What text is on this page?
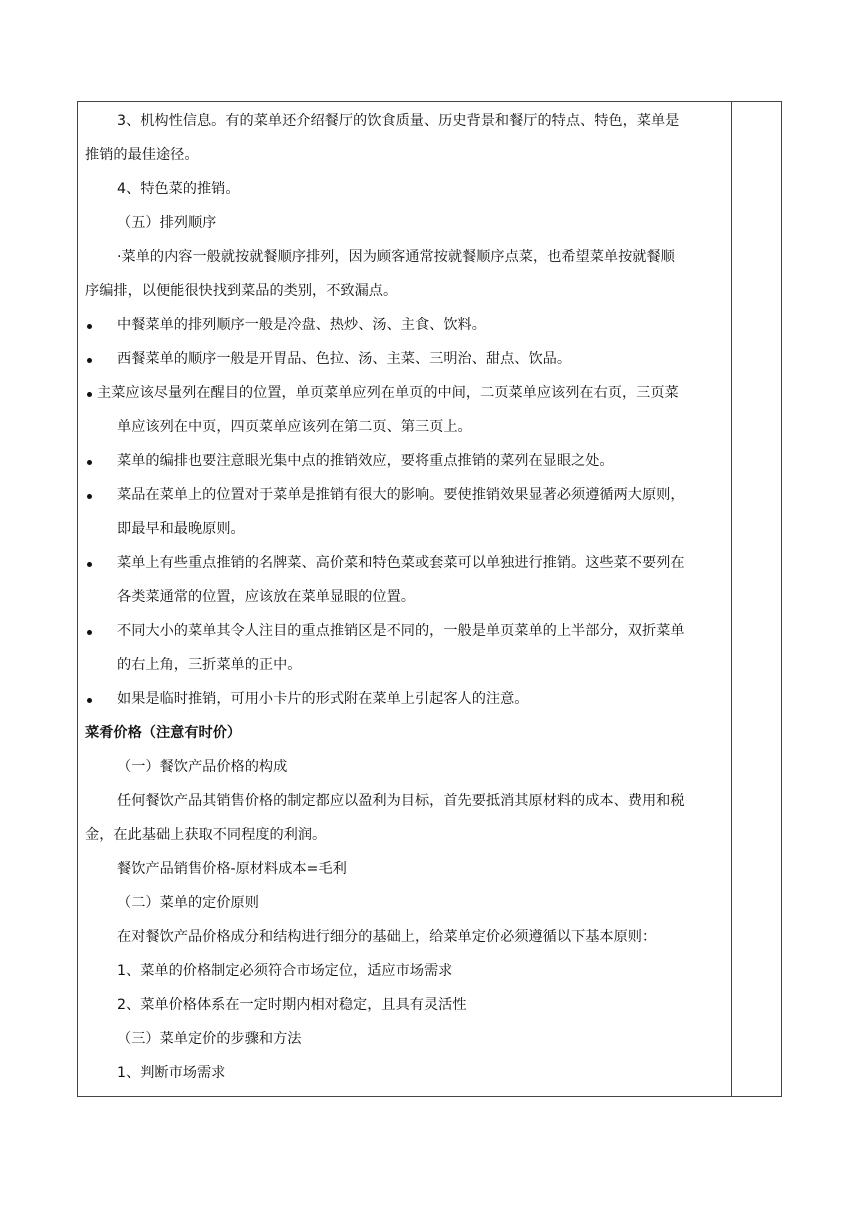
3、机构性信息。有的菜单还介绍餐厅的饮食质量、历史背景和餐厅的特点、特色，菜单是
推销的最佳途径。
4、特色菜的推销。
（五）排列顺序
·菜单的内容一般就按就餐顺序排列，因为顾客通常按就餐顺序点菜，也希望菜单按就餐顺
序编排，以便能很快找到菜品的类别，不致漏点。
中餐菜单的排列顺序一般是冷盘、热炒、汤、主食、饮料。
西餐菜单的顺序一般是开胃品、色拉、汤、主菜、三明治、甜点、饮品。
主菜应该尽量列在醒目的位置，单页菜单应列在单页的中间，二页菜单应该列在右页，三页菜
单应该列在中页，四页菜单应该列在第二页、第三页上。
菜单的编排也要注意眼光集中点的推销效应，要将重点推销的菜列在显眼之处。
菜品在菜单上的位置对于菜单是推销有很大的影响。要使推销效果显著必须遵循两大原则，
即最早和最晚原则。
菜单上有些重点推销的名牌菜、高价菜和特色菜或套菜可以单独进行推销。这些菜不要列在
各类菜通常的位置，应该放在菜单显眼的位置。
不同大小的菜单其令人注目的重点推销区是不同的，一般是单页菜单的上半部分，双折菜单
的右上角，三折菜单的正中。
如果是临时推销，可用小卡片的形式附在菜单上引起客人的注意。
菜肴价格（注意有时价）
（一）餐饮产品价格的构成
任何餐饮产品其销售价格的制定都应以盈利为目标，首先要抵消其原材料的成本、费用和税
金，在此基础上获取不同程度的利润。
餐饮产品销售价格-原材料成本=毛利
（二）菜单的定价原则
在对餐饮产品价格成分和结构进行细分的基础上，给菜单定价必须遵循以下基本原则：
1、菜单的价格制定必须符合市场定位，适应市场需求
2、菜单价格体系在一定时期内相对稳定，且具有灵活性
（三）菜单定价的步骤和方法
1、判断市场需求
